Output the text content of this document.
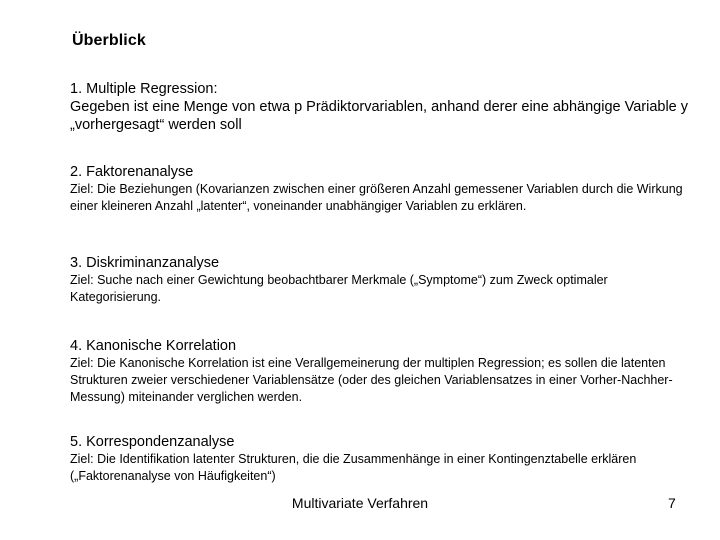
Überblick
1. Multiple Regression:
Gegeben ist eine Menge von etwa p Prädiktorvariablen, anhand derer eine abhängige Variable y „vorhergesagt“ werden soll
2. Faktorenanalyse
Ziel: Die Beziehungen (Kovarianzen zwischen einer größeren Anzahl gemessener Variablen durch die Wirkung einer kleineren Anzahl „latenter“, voneinander unabhängiger Variablen zu erklären.
3. Diskriminanzanalyse
Ziel: Suche nach einer Gewichtung beobachtbarer Merkmale („Symptome“) zum Zweck optimaler Kategorisierung.
4. Kanonische Korrelation
Ziel: Die Kanonische Korrelation ist eine Verallgemeinerung der multiplen Regression; es sollen die latenten Strukturen zweier verschiedener Variablensätze (oder des gleichen Variablensatzes in einer Vorher-Nachher-Messung) miteinander verglichen werden.
5. Korrespondenzanalyse
Ziel: Die Identifikation latenter Strukturen, die die Zusammenhänge in einer Kontingenztabelle erklären („Faktorenanalyse von Häufigkeiten“)
Multivariate Verfahren	7
